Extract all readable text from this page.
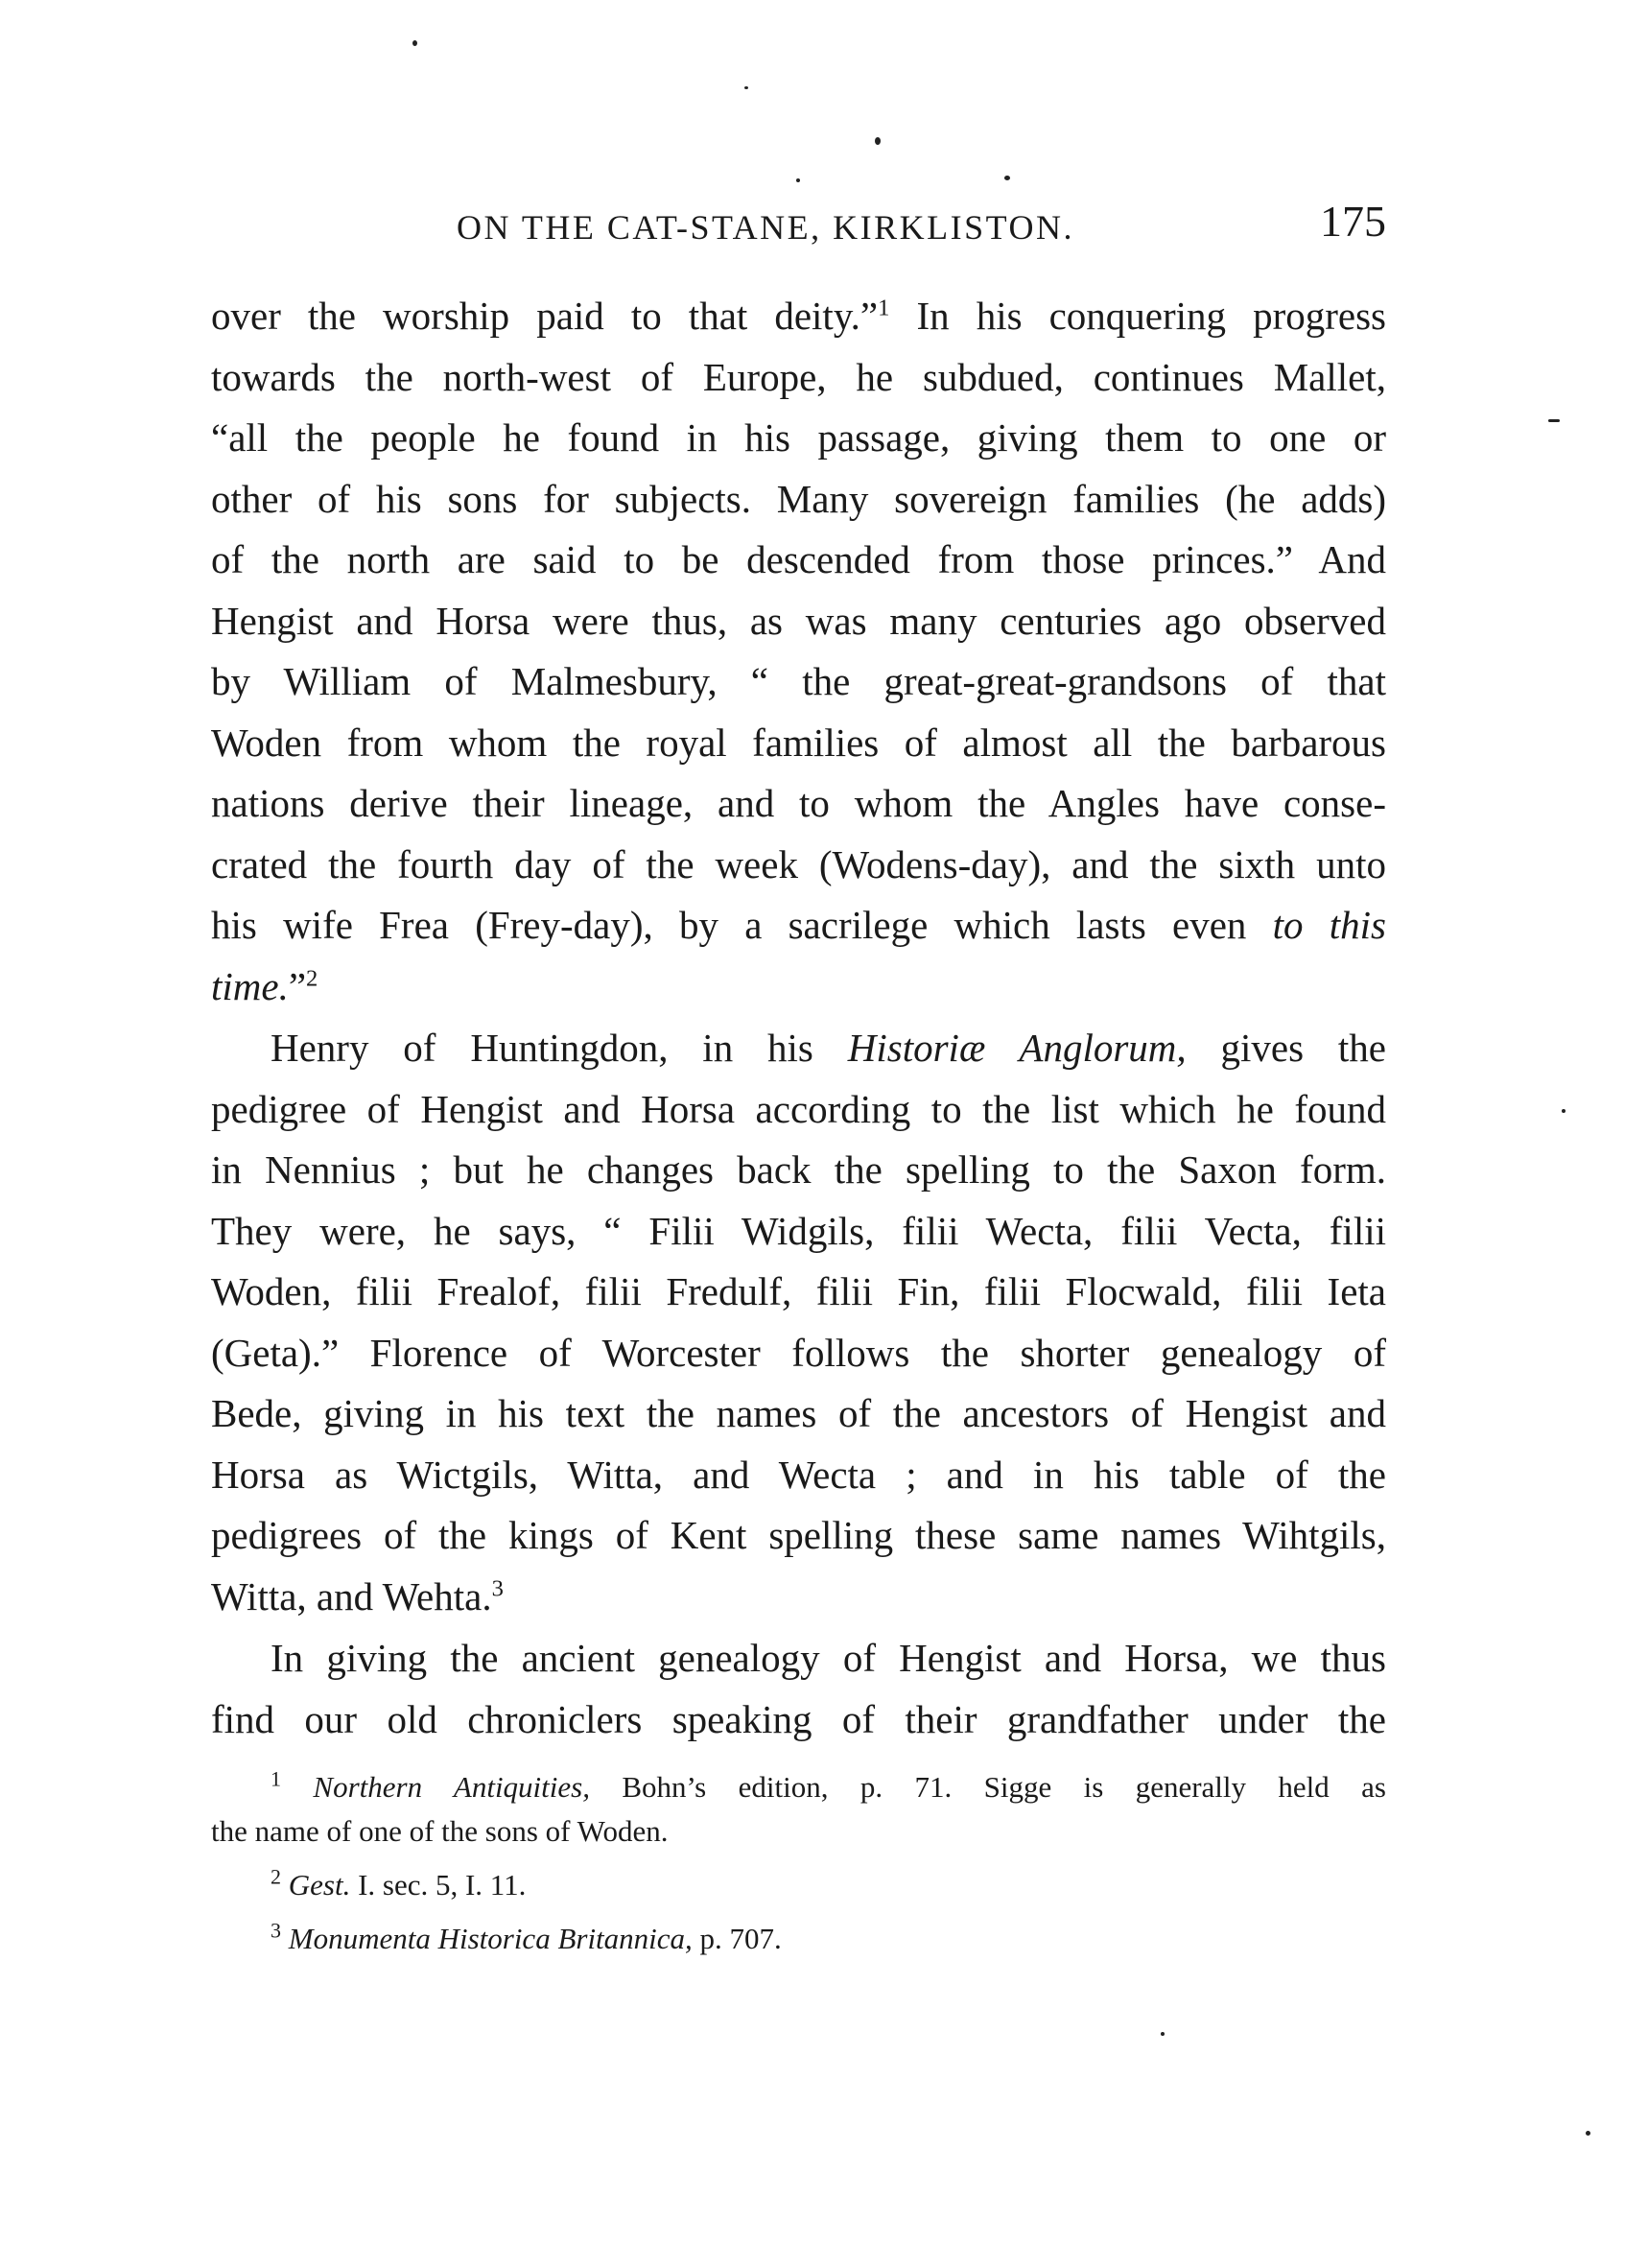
ON THE CAT-STANE, KIRKLISTON.	175
over the worship paid to that deity.”$^1$ In his conquering progress
towards the north-west of Europe, he subdued, continues Mallet,
“all the people he found in his passage, giving them to one or
other of his sons for subjects. Many sovereign families (he adds)
of the north are said to be descended from those princes.” And
Hengist and Horsa were thus, as was many centuries ago observed
by William of Malmesbury, “ the great-great-grandsons of that
Woden from whom the royal families of almost all the barbarous
nations derive their lineage, and to whom the Angles have conse-
crated the fourth day of the week (Wodens-day), and the sixth unto
his wife Frea (Frey-day), by a sacrilege which lasts even to this
time.”$^2$
Henry of Huntingdon, in his Historiæ Anglorum, gives the
pedigree of Hengist and Horsa according to the list which he found
in Nennius ; but he changes back the spelling to the Saxon form.
They were, he says, “ Filii Widgils, filii Wecta, filii Vecta, filii
Woden, filii Frealof, filii Fredulf, filii Fin, filii Flocwald, filii Ieta
(Geta).” Florence of Worcester follows the shorter genealogy of
Bede, giving in his text the names of the ancestors of Hengist and
Horsa as Wictgils, Witta, and Wecta ; and in his table of the
pedigrees of the kings of Kent spelling these same names Wihtgils,
Witta, and Wehta.$^3$
In giving the ancient genealogy of Hengist and Horsa, we thus
find our old chroniclers speaking of their grandfather under the
$^1$ Northern Antiquities, Bohn’s edition, p. 71. Sigge is generally held as
the name of one of the sons of Woden.
$^2$ Gest. I. sec. 5, I. 11.
$^3$ Monumenta Historica Britannica, p. 707.
